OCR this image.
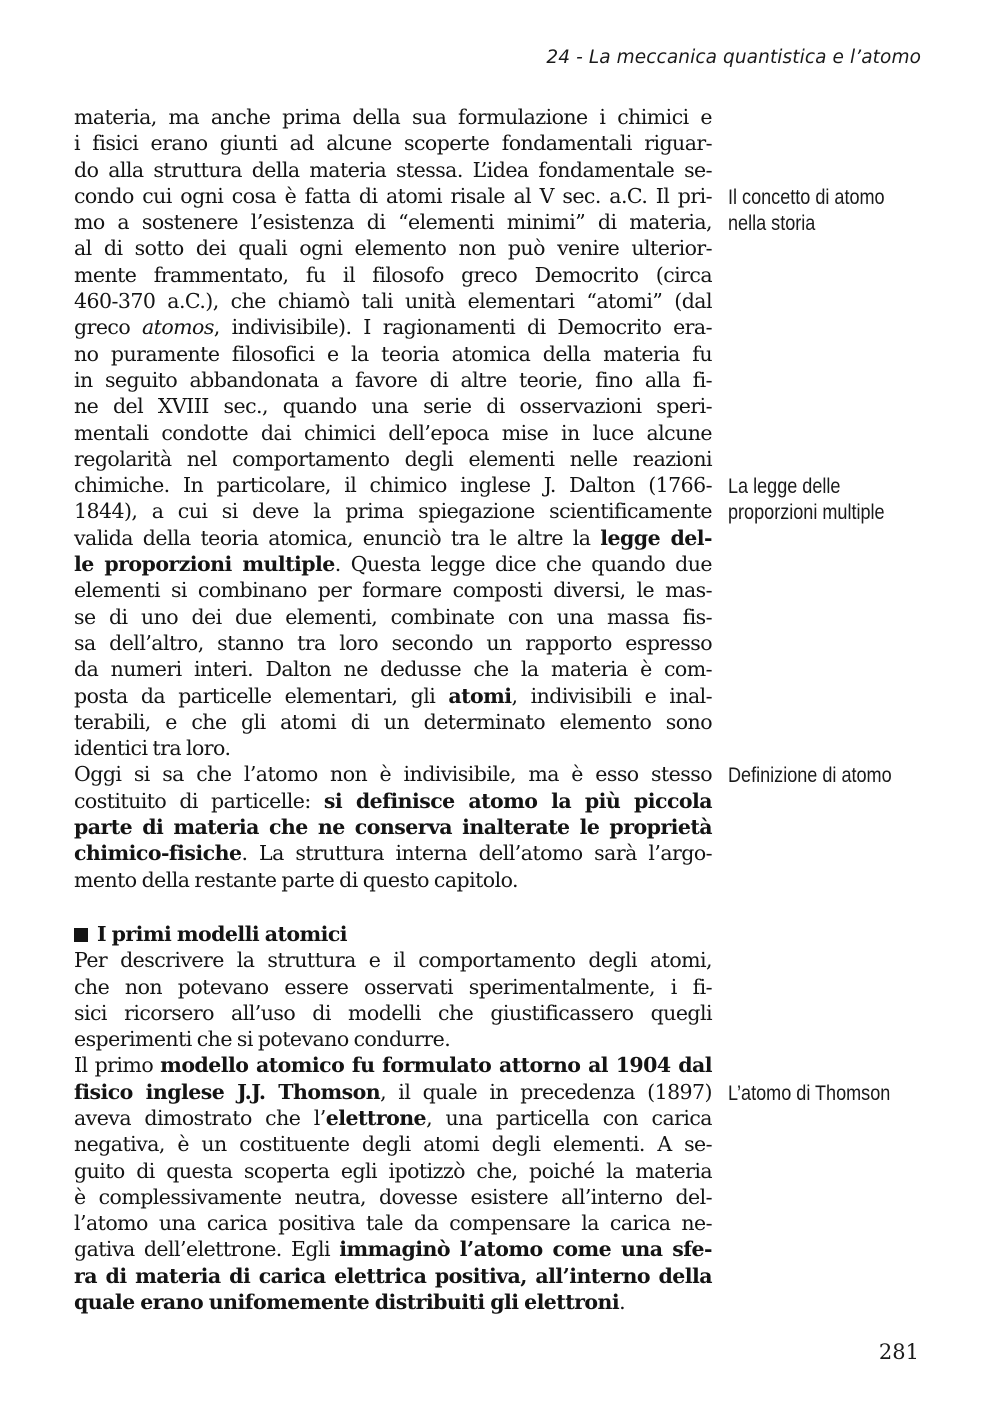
24 - La meccanica quantistica e l’atomo
materia, ma anche prima della sua formulazione i chimici e
i fisici erano giunti ad alcune scoperte fondamentali riguar-
do alla struttura della materia stessa. L’idea fondamentale se-
condo cui ogni cosa è fatta di atomi risale al V sec. a.C. Il pri-
mo a sostenere l’esistenza di “elementi minimi” di materia,
al di sotto dei quali ogni elemento non può venire ulterior-
mente frammentato, fu il filosofo greco Democrito (circa
460-370 a.C.), che chiamò tali unità elementari “atomi” (dal
greco atomos, indivisibile). I ragionamenti di Democrito era-
no puramente filosofici e la teoria atomica della materia fu
in seguito abbandonata a favore di altre teorie, fino alla fi-
ne del XVIII sec., quando una serie di osservazioni speri-
mentali condotte dai chimici dell’epoca mise in luce alcune
regolarità nel comportamento degli elementi nelle reazioni
chimiche. In particolare, il chimico inglese J. Dalton (1766-
1844), a cui si deve la prima spiegazione scientificamente
valida della teoria atomica, enunciò tra le altre la legge del-
le proporzioni multiple. Questa legge dice che quando due
elementi si combinano per formare composti diversi, le mas-
se di uno dei due elementi, combinate con una massa fis-
sa dell’altro, stanno tra loro secondo un rapporto espresso
da numeri interi. Dalton ne dedusse che la materia è com-
posta da particelle elementari, gli atomi, indivisibili e inal-
terabili, e che gli atomi di un determinato elemento sono
identici tra loro.
Oggi si sa che l’atomo non è indivisibile, ma è esso stesso
costituito di particelle: si definisce atomo la più piccola
parte di materia che ne conserva inalterate le proprietà
chimico-fisiche. La struttura interna dell’atomo sarà l’argo-
mento della restante parte di questo capitolo.
I primi modelli atomici
Per descrivere la struttura e il comportamento degli atomi,
che non potevano essere osservati sperimentalmente, i fi-
sici ricorsero all’uso di modelli che giustificassero quegli
esperimenti che si potevano condurre.
Il primo modello atomico fu formulato attorno al 1904 dal
fisico inglese J.J. Thomson, il quale in precedenza (1897)
aveva dimostrato che l’elettrone, una particella con carica
negativa, è un costituente degli atomi degli elementi. A se-
guito di questa scoperta egli ipotizzò che, poiché la materia
è complessivamente neutra, dovesse esistere all’interno del-
l’atomo una carica positiva tale da compensare la carica ne-
gativa dell’elettrone. Egli immaginò l’atomo come una sfe-
ra di materia di carica elettrica positiva, all’interno della
quale erano unifomemente distribuiti gli elettroni.
Il concetto di atomo
nella storia
La legge delle
proporzioni multiple
Definizione di atomo
L’atomo di Thomson
281
